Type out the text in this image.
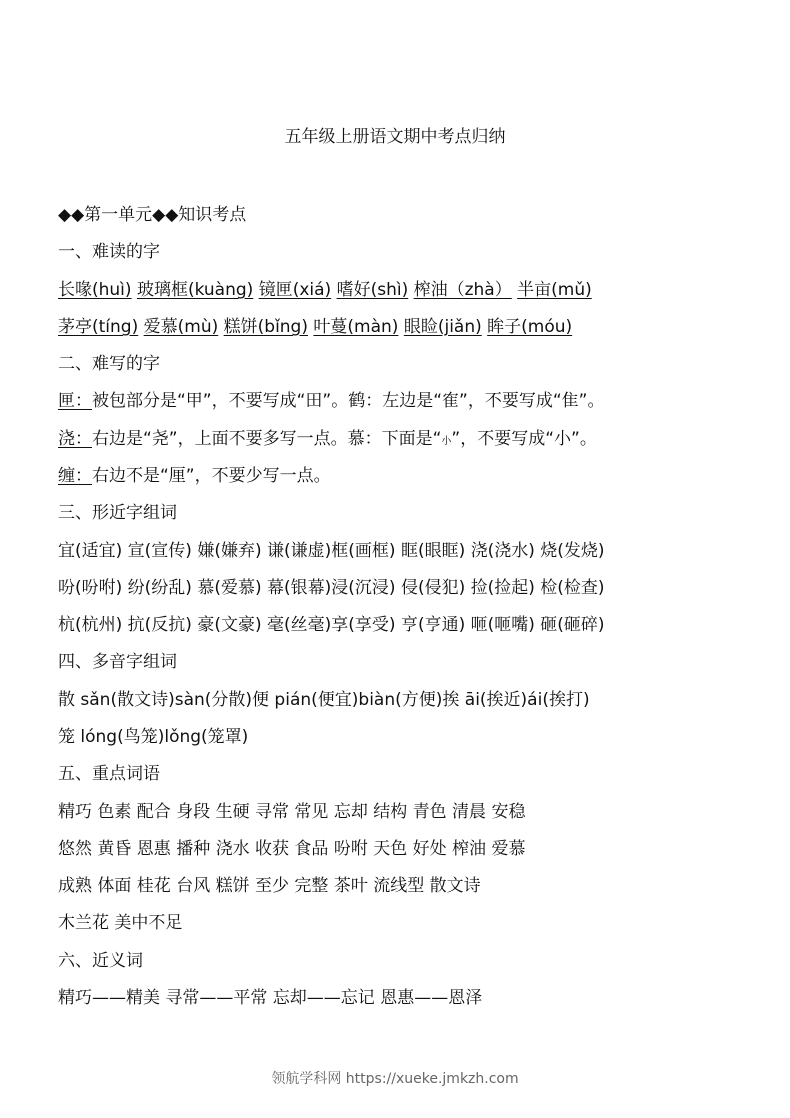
五年级上册语文期中考点归纳
◆◆第一单元◆◆知识考点
一、难读的字
长喙(huì) 玻璃框(kuàng) 镜匣(xiá) 嗜好(shì) 榨油（zhà） 半亩(mǔ)
茅亭(tíng) 爱慕(mù) 糕饼(bǐng) 叶蔓(màn) 眼睑(jiǎn) 眸子(móu)
二、难写的字
匣：被包部分是“甲”，不要写成“田”。鹤：左边是“隺”，不要写成“隹”。
浇：右边是“尧”，上面不要多写一点。慕：下面是“小”，不要写成“小”。
缠：右边不是“厘”，不要少写一点。
三、形近字组词
宜(适宜) 宣(宣传) 嫌(嫌弃) 谦(谦虚)框(画框) 眶(眼眶) 浇(浇水) 烧(发烧)
吩(吩咐) 纷(纷乱) 慕(爱慕) 幕(银幕)浸(沉浸) 侵(侵犯) 捡(捡起) 检(检查)
杭(杭州) 抗(反抗) 豪(文豪) 毫(丝毫)享(享受) 亨(亨通) 咂(咂嘴) 砸(砸碎)
四、多音字组词
散 sǎn(散文诗)sàn(分散)便 pián(便宜)biàn(方便)挨 āi(挨近)ái(挨打)
笼 lóng(鸟笼)lǒng(笼罩)
五、重点词语
精巧 色素 配合 身段 生硬 寻常 常见 忘却 结构 青色 清晨 安稳
悠然 黄昏 恩惠 播种 浇水 收获 食品 吩咐 天色 好处 榨油 爱慕
成熟 体面 桂花 台风 糕饼 至少 完整 茶叶 流线型 散文诗
木兰花 美中不足
六、近义词
精巧——精美 寻常——平常 忘却——忘记 恩惠——恩泽
领航学科网 https://xueke.jmkzh.com
